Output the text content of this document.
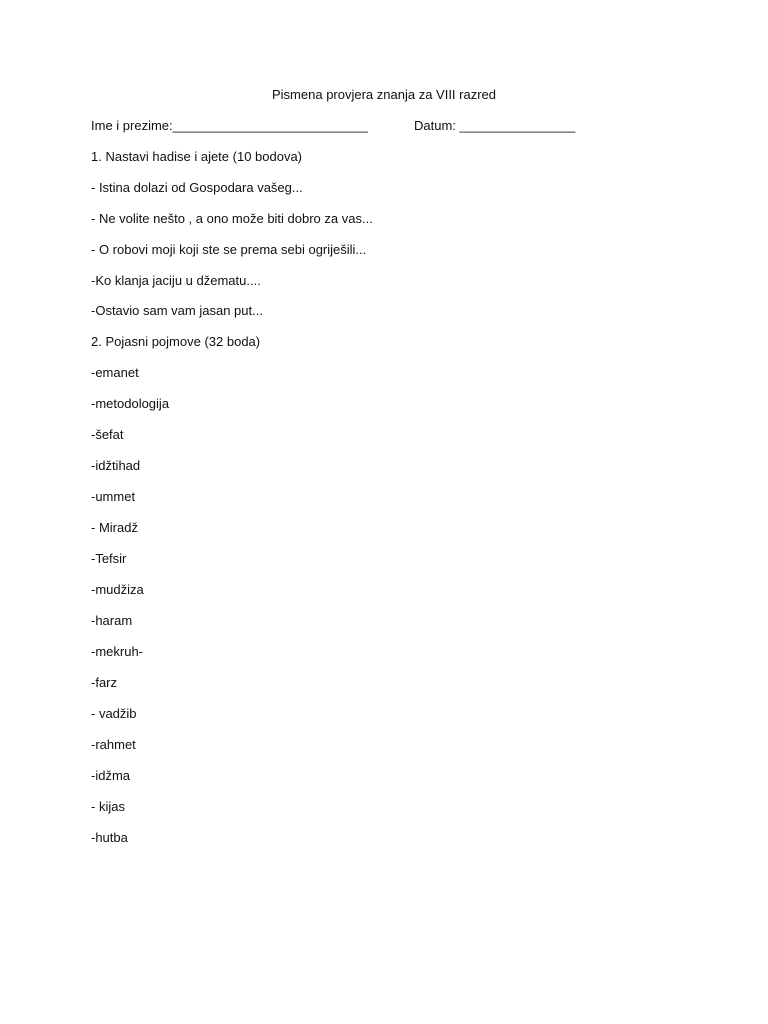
Pismena provjera znanja za VIII razred
Ime i prezime:___________________________	Datum: ________________
1. Nastavi hadise i ajete (10 bodova)
- Istina dolazi od Gospodara vašeg...
- Ne volite nešto , a ono može biti dobro za vas...
- O robovi moji koji ste se prema sebi ogriješili...
-Ko klanja jaciju u džematu....
-Ostavio sam vam jasan put...
2. Pojasni pojmove (32 boda)
-emanet
-metodologija
-šefat
-idžtihad
-ummet
- Miradž
-Tefsir
-mudžiza
-haram
-mekruh-
-farz
- vadžib
-rahmet
-idžma
- kijas
-hutba
